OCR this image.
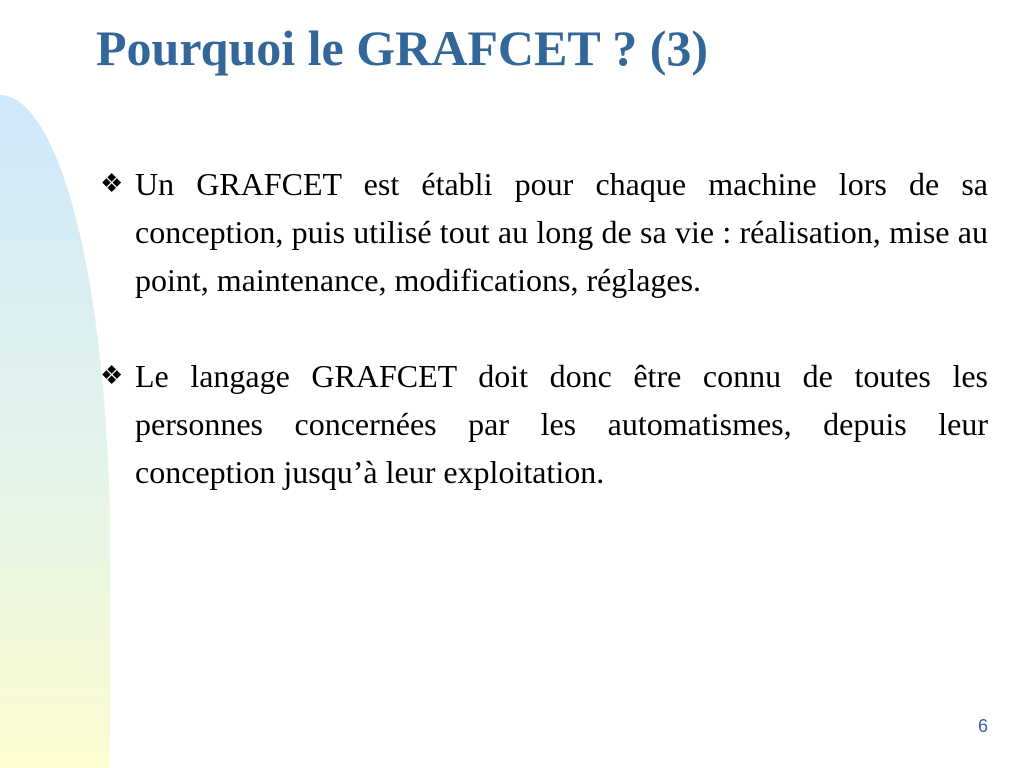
Pourquoi le GRAFCET ? (3)
❖ Un GRAFCET est établi pour chaque machine lors de sa conception, puis utilisé tout au long de sa vie : réalisation, mise au point, maintenance, modifications, réglages.
❖ Le langage GRAFCET doit donc être connu de toutes les personnes concernées par les automatismes, depuis leur conception jusqu’à leur exploitation.
6
